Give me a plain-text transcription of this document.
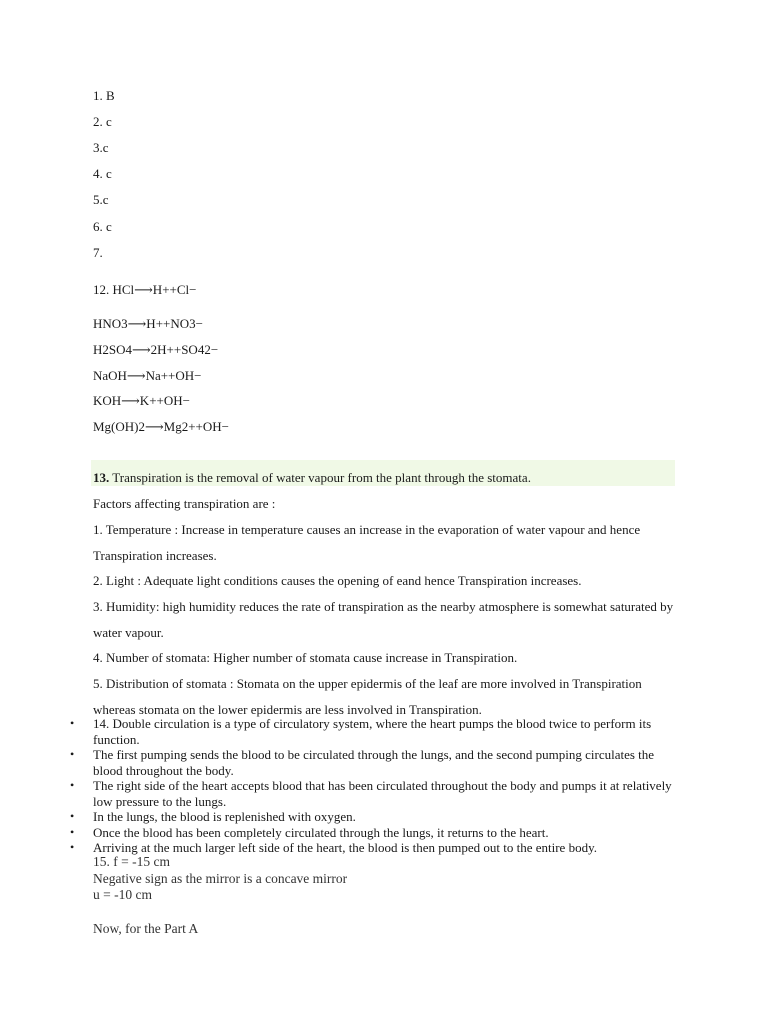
1. B
2. c
3.c
4. c
5.c
6. c
7.
12. HCl⟶H++Cl−
HNO3⟶H++NO3−
H2SO4⟶2H++SO42−
NaOH⟶Na++OH−
KOH⟶K++OH−
Mg(OH)2⟶Mg2++OH−
13. Transpiration is the removal of water vapour from the plant through the stomata.
Factors affecting transpiration are :
1. Temperature : Increase in temperature causes an increase in the evaporation of water vapour and hence
Transpiration increases.
2. Light : Adequate light conditions causes the opening of eand hence Transpiration increases.
3. Humidity: high humidity reduces the rate of transpiration as the nearby atmosphere is somewhat saturated by
water vapour.
4. Number of stomata: Higher number of stomata cause increase in Transpiration.
5. Distribution of stomata : Stomata on the upper epidermis of the leaf are more involved in Transpiration
whereas stomata on the lower epidermis are less involved in Transpiration.
• 14. Double circulation is a type of circulatory system, where the heart pumps the blood twice to perform its function.
• The first pumping sends the blood to be circulated through the lungs, and the second pumping circulates the blood throughout the body.
• The right side of the heart accepts blood that has been circulated throughout the body and pumps it at relatively low pressure to the lungs.
• In the lungs, the blood is replenished with oxygen.
• Once the blood has been completely circulated through the lungs, it returns to the heart.
• Arriving at the much larger left side of the heart, the blood is then pumped out to the entire body.
15. f = -15 cm
Negative sign as the mirror is a concave mirror
u = -10 cm
Now, for the Part A
